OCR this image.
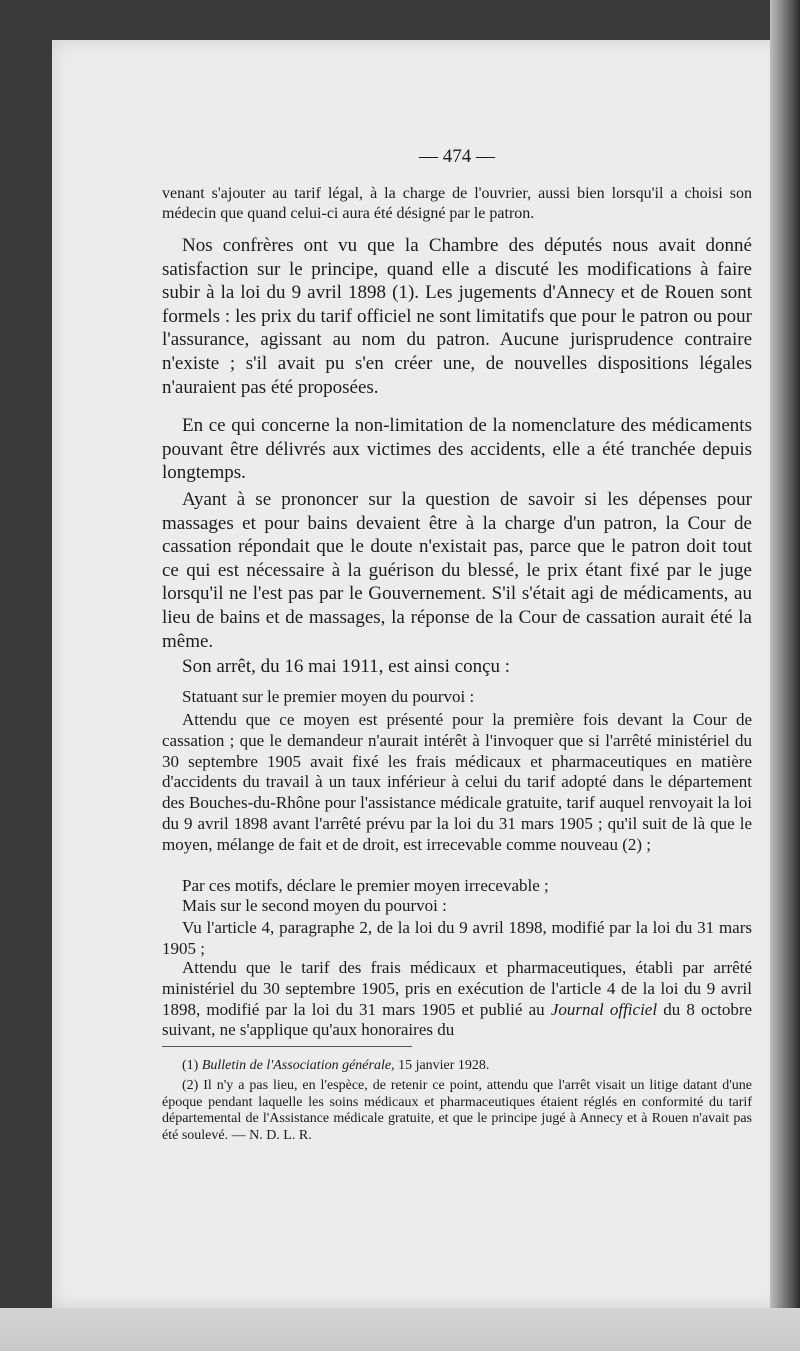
— 474 —

venant s'ajouter au tarif légal, à la charge de l'ouvrier, aussi bien lorsqu'il a choisi son médecin que quand celui-ci aura été désigné par le patron.

Nos confrères ont vu que la Chambre des députés nous avait donné satisfaction sur le principe, quand elle a discuté les modifications à faire subir à la loi du 9 avril 1898 (1). Les jugements d'Annecy et de Rouen sont formels : les prix du tarif officiel ne sont limitatifs que pour le patron ou pour l'assurance, agissant au nom du patron. Aucune jurisprudence contraire n'existe ; s'il avait pu s'en créer une, de nouvelles dispositions légales n'auraient pas été proposées.

En ce qui concerne la non-limitation de la nomenclature des médicaments pouvant être délivrés aux victimes des accidents, elle a été tranchée depuis longtemps.

Ayant à se prononcer sur la question de savoir si les dépenses pour massages et pour bains devaient être à la charge d'un patron, la Cour de cassation répondait que le doute n'existait pas, parce que le patron doit tout ce qui est nécessaire à la guérison du blessé, le prix étant fixé par le juge lorsqu'il ne l'est pas par le Gouvernement. S'il s'était agi de médicaments, au lieu de bains et de massages, la réponse de la Cour de cassation aurait été la même.

Son arrêt, du 16 mai 1911, est ainsi conçu :

Statuant sur le premier moyen du pourvoi :

Attendu que ce moyen est présenté pour la première fois devant la Cour de cassation ; que le demandeur n'aurait intérêt à l'invoquer que si l'arrêté ministériel du 30 septembre 1905 avait fixé les frais médicaux et pharmaceutiques en matière d'accidents du travail à un taux inférieur à celui du tarif adopté dans le département des Bouches-du-Rhône pour l'assistance médicale gratuite, tarif auquel renvoyait la loi du 9 avril 1898 avant l'arrêté prévu par la loi du 31 mars 1905 ; qu'il suit de là que le moyen, mélange de fait et de droit, est irrecevable comme nouveau (2) ;

Par ces motifs, déclare le premier moyen irrecevable ;

Mais sur le second moyen du pourvoi :

Vu l'article 4, paragraphe 2, de la loi du 9 avril 1898, modifié par la loi du 31 mars 1905 ;

Attendu que le tarif des frais médicaux et pharmaceutiques, établi par arrêté ministériel du 30 septembre 1905, pris en exécution de l'article 4 de la loi du 9 avril 1898, modifié par la loi du 31 mars 1905 et publié au Journal officiel du 8 octobre suivant, ne s'applique qu'aux honoraires du

(1) Bulletin de l'Association générale, 15 janvier 1928.

(2) Il n'y a pas lieu, en l'espèce, de retenir ce point, attendu que l'arrêt visait un litige datant d'une époque pendant laquelle les soins médicaux et pharmaceutiques étaient réglés en conformité du tarif départemental de l'Assistance médicale gratuite, et que le principe jugé à Annecy et à Rouen n'avait pas été soulevé. — N. D. L. R.
